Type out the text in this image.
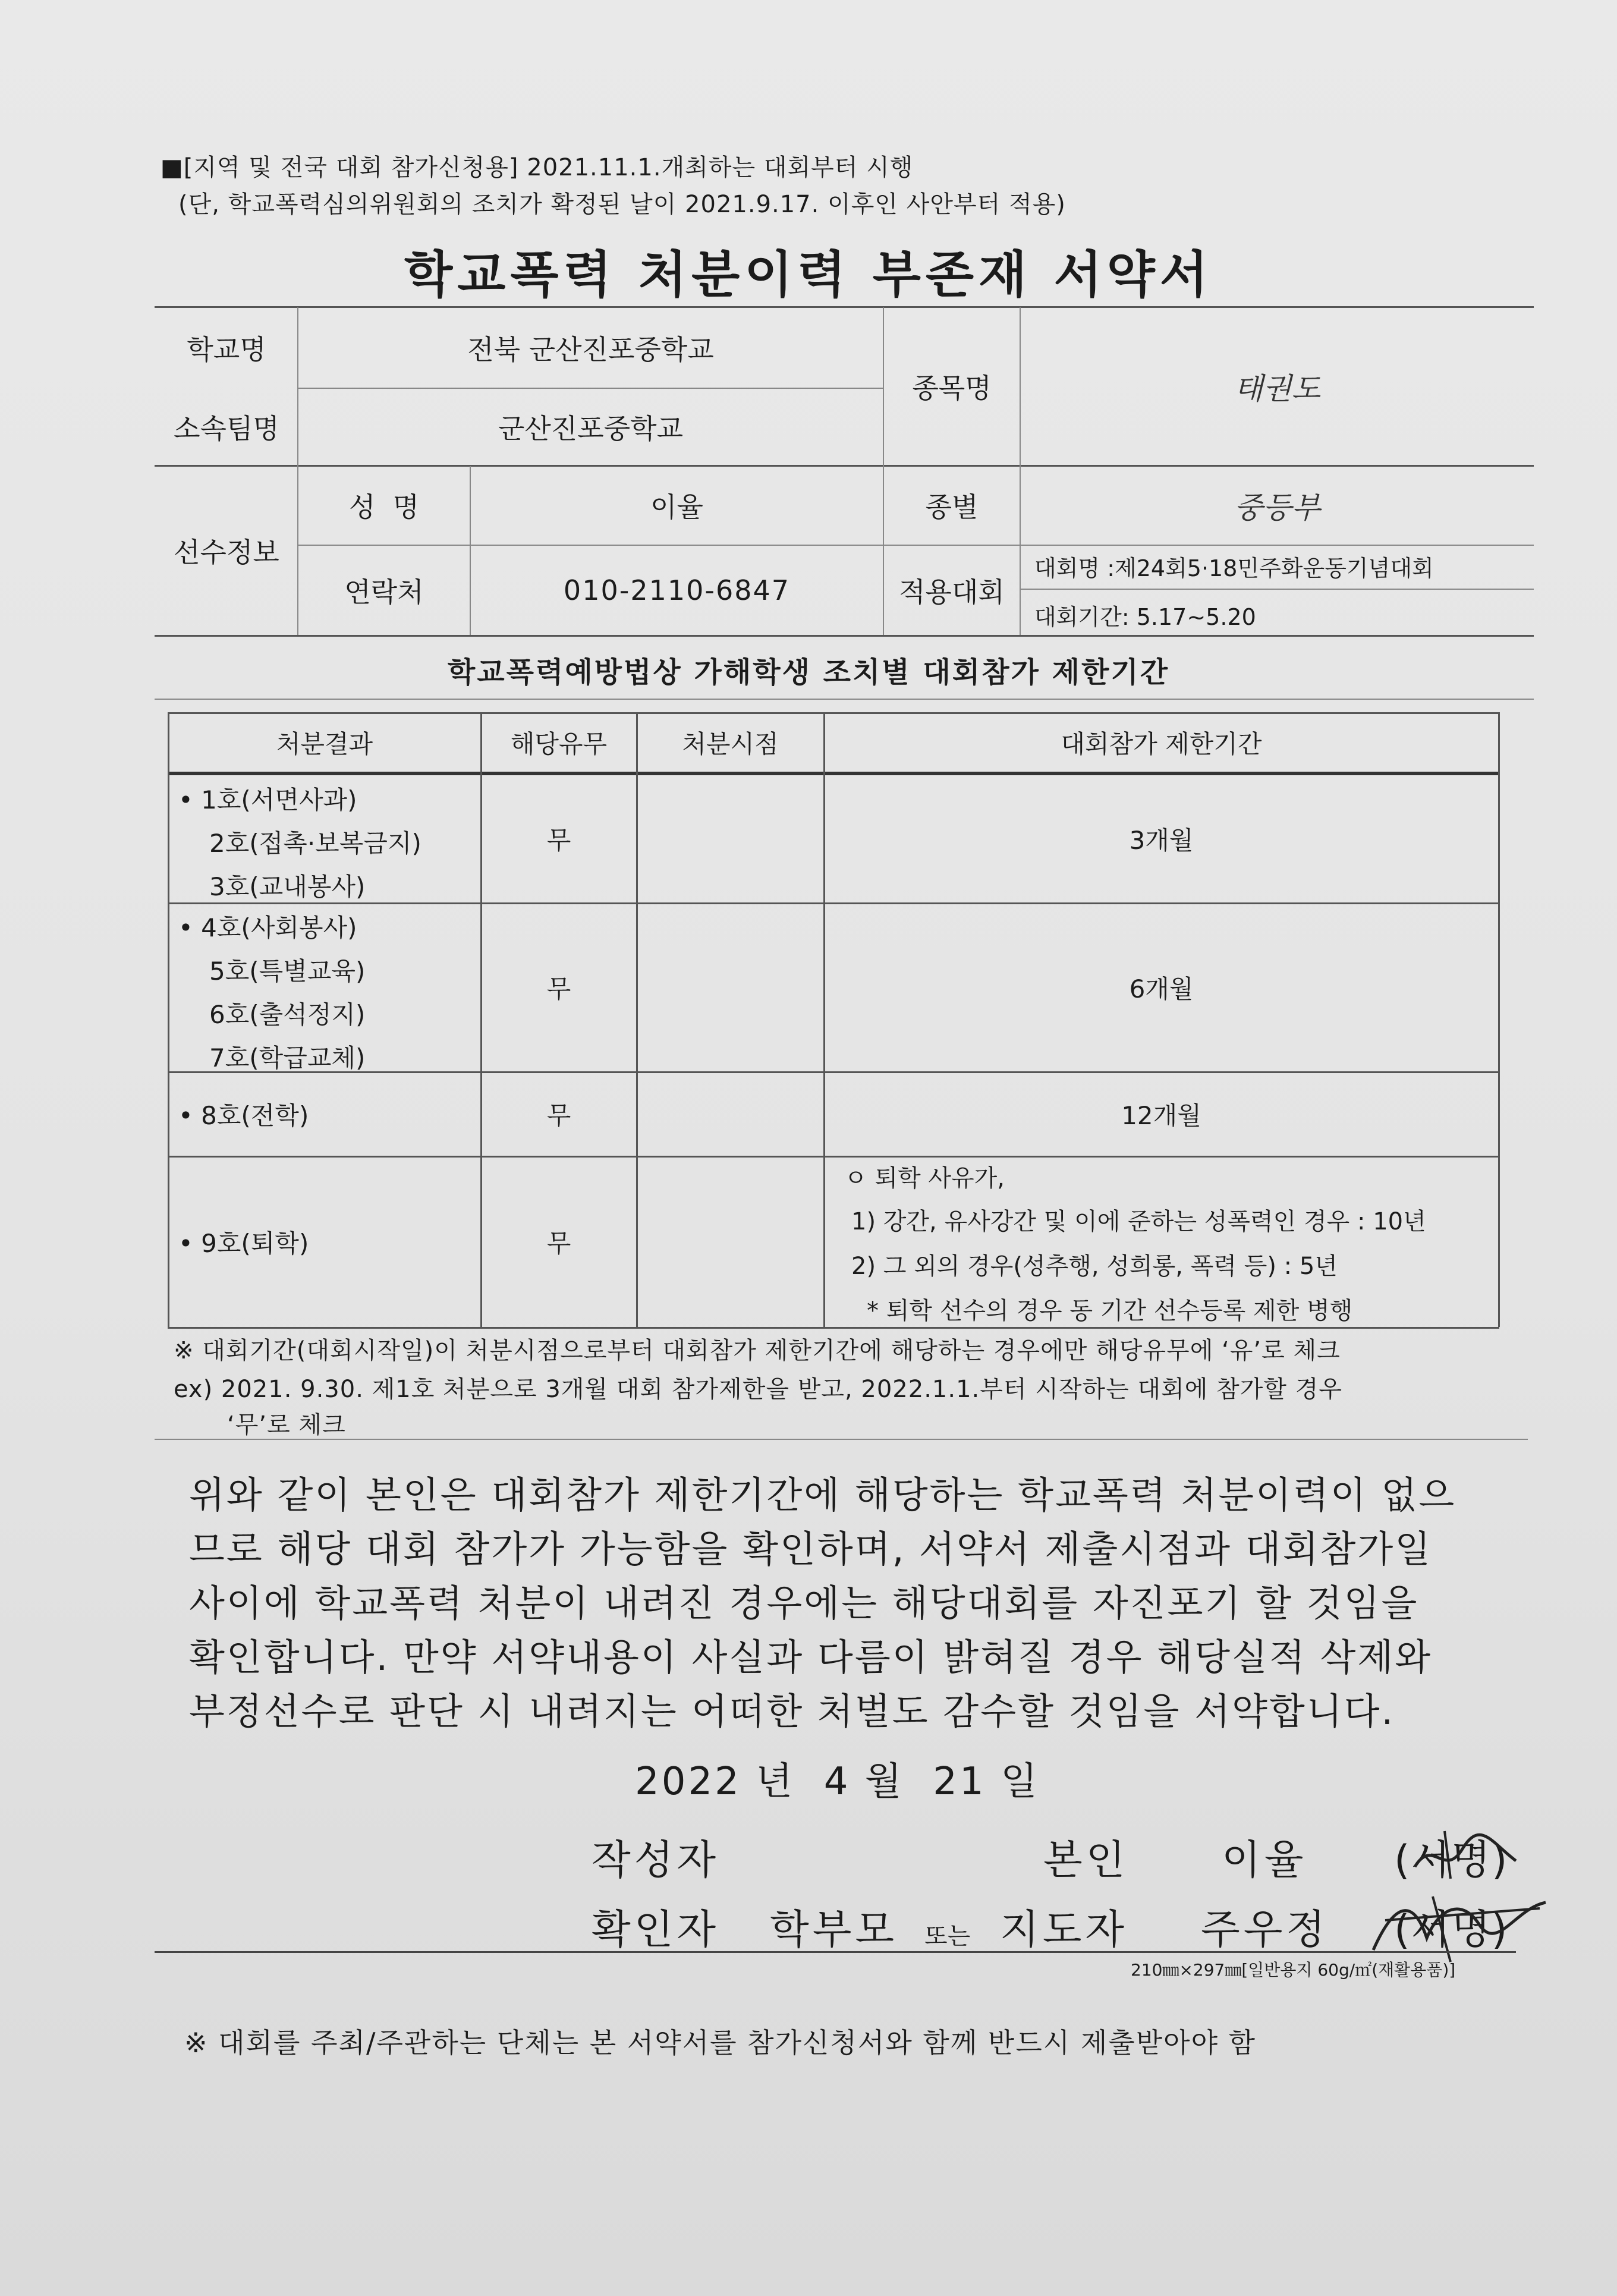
■[지역 및 전국 대회 참가신청용] 2021.11.1.개최하는 대회부터 시행
(단, 학교폭력심의위원회의 조치가 확정된 날이 2021.9.17. 이후인 사안부터 적용)
학교폭력 처분이력 부존재 서약서
학교명	전북 군산진포중학교
소속팀명	군산진포중학교
종목명	태권도
선수정보
성  명	이율	종별	중등부
연락처	010-2110-6847	적용대회
대회명 :제24회5·18민주화운동기념대회
대회기간: 5.17~5.20
학교폭력예방법상 가해학생 조치별 대회참가 제한기간
처분결과	해당유무	처분시점	대회참가 제한기간
• 1호(서면사과)
2호(접촉·보복금지)
3호(교내봉사)
무	3개월
• 4호(사회봉사)
5호(특별교육)
6호(출석정지)
7호(학급교체)
무	6개월
• 8호(전학)	무	12개월
• 9호(퇴학)	무
ㅇ 퇴학 사유가,
1) 강간, 유사강간 및 이에 준하는 성폭력인 경우 : 10년
2) 그 외의 경우(성추행, 성희롱, 폭력 등) : 5년
* 퇴학 선수의 경우 동 기간 선수등록 제한 병행
※ 대회기간(대회시작일)이 처분시점으로부터 대회참가 제한기간에 해당하는 경우에만 해당유무에 ‘유’로 체크
ex) 2021. 9.30. 제1호 처분으로 3개월 대회 참가제한을 받고, 2022.1.1.부터 시작하는 대회에 참가할 경우
‘무’로 체크
위와 같이 본인은 대회참가 제한기간에 해당하는 학교폭력 처분이력이 없으
므로 해당 대회 참가가 가능함을 확인하며, 서약서 제출시점과 대회참가일
사이에 학교폭력 처분이 내려진 경우에는 해당대회를 자진포기 할 것임을
확인합니다. 만약 서약내용이 사실과 다름이 밝혀질 경우 해당실적 삭제와
부정선수로 판단 시 내려지는 어떠한 처벌도 감수할 것임을 서약합니다.
2022 년  4 월  21 일
작성자	본인 이율 (서명)
확인자 학부모 또는 지도자 주우정 (서명)
210㎜×297㎜[일반용지 60g/㎡(재활용품)]
※ 대회를 주최/주관하는 단체는 본 서약서를 참가신청서와 함께 반드시 제출받아야 함
